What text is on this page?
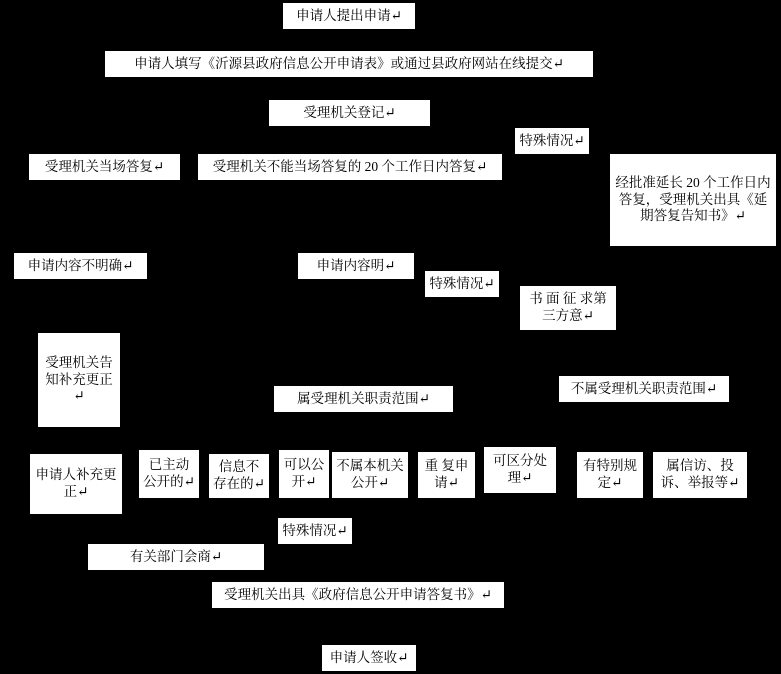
申请人提出申请↵
申请人填写《沂源县政府信息公开申请表》或通过县政府网站在线提交↵
受理机关登记↵
特殊情况↵
受理机关当场答复↵	受理机关不能当场答复的 20 个工作日内答复↵
经批准延长 20 个工作日内答复，受理机关出具《延期答复告知书》↵
申请内容不明确↵	申请内容明↵
特殊情况↵
书 面 征 求第三方意↵
受理机关告知补充更正↵	属受理机关职责范围↵
不属受理机关职责范围↵
申请人补充更正↵
已主动公开的↵
信息不存在的↵
可以公开↵
不属本机关公开↵
重 复申请↵
可区分处理↵
有特别规定↵
属信访、投诉、举报等↵
特殊情况↵
有关部门会商↵
受理机关出具《政府信息公开申请答复书》↵
申请人签收↵
